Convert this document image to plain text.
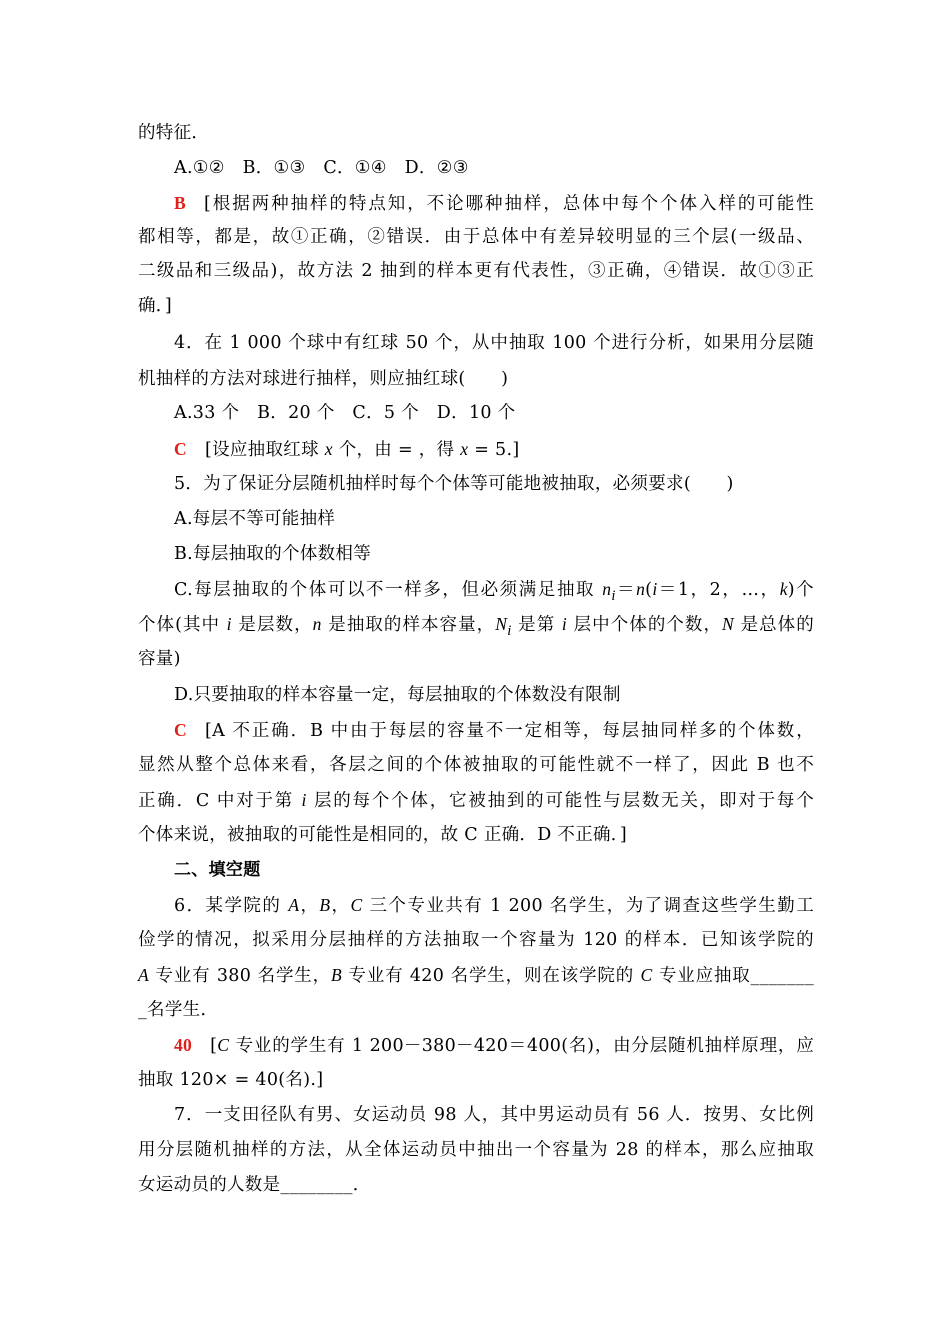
的特征．
A.①②　B．①③　C．①④　D．②③
B [根据两种抽样的特点知，不论哪种抽样，总体中每个个体入样的可能性
都相等，都是，故①正确，②错误．由于总体中有差异较明显的三个层(一级品、
二级品和三级品)，故方法 2 抽到的样本更有代表性，③正确，④错误．故①③正
确．]
4．在 1 000 个球中有红球 50 个，从中抽取 100 个进行分析，如果用分层随
机抽样的方法对球进行抽样，则应抽红球(　　)
A.33 个　B．20 个　C．5 个　D．10 个
C [设应抽取红球 x 个，由 = ，得 x = 5.]
5．为了保证分层随机抽样时每个个体等可能地被抽取，必须要求(　　)
A.每层不等可能抽样
B.每层抽取的个体数相等
C.每层抽取的个体可以不一样多，但必须满足抽取 $n_i=n(i=1$，2，…，k)个
个体(其中 i 是层数，n 是抽取的样本容量，$N_i$ 是第 i 层中个体的个数，N 是总体的
容量)
D.只要抽取的样本容量一定，每层抽取的个体数没有限制
C [A 不正确．B 中由于每层的容量不一定相等，每层抽同样多的个体数，
显然从整个总体来看，各层之间的个体被抽取的可能性就不一样了，因此 B 也不
正确．C 中对于第 i 层的每个个体，它被抽到的可能性与层数无关，即对于每个
个体来说，被抽取的可能性是相同的，故 C 正确．D 不正确．]
二、填空题
6．某学院的 A，B，C 三个专业共有 1 200 名学生，为了调查这些学生勤工
俭学的情况，拟采用分层抽样的方法抽取一个容量为 120 的样本．已知该学院的
A 专业有 380 名学生，B 专业有 420 名学生，则在该学院的 C 专业应抽取_______
_名学生．
40 [C 专业的学生有 1 200－380－420＝400(名)，由分层随机抽样原理，应
抽取 120× = 40(名).]
7．一支田径队有男、女运动员 98 人，其中男运动员有 56 人．按男、女比例
用分层随机抽样的方法，从全体运动员中抽出一个容量为 28 的样本，那么应抽取
女运动员的人数是________．
